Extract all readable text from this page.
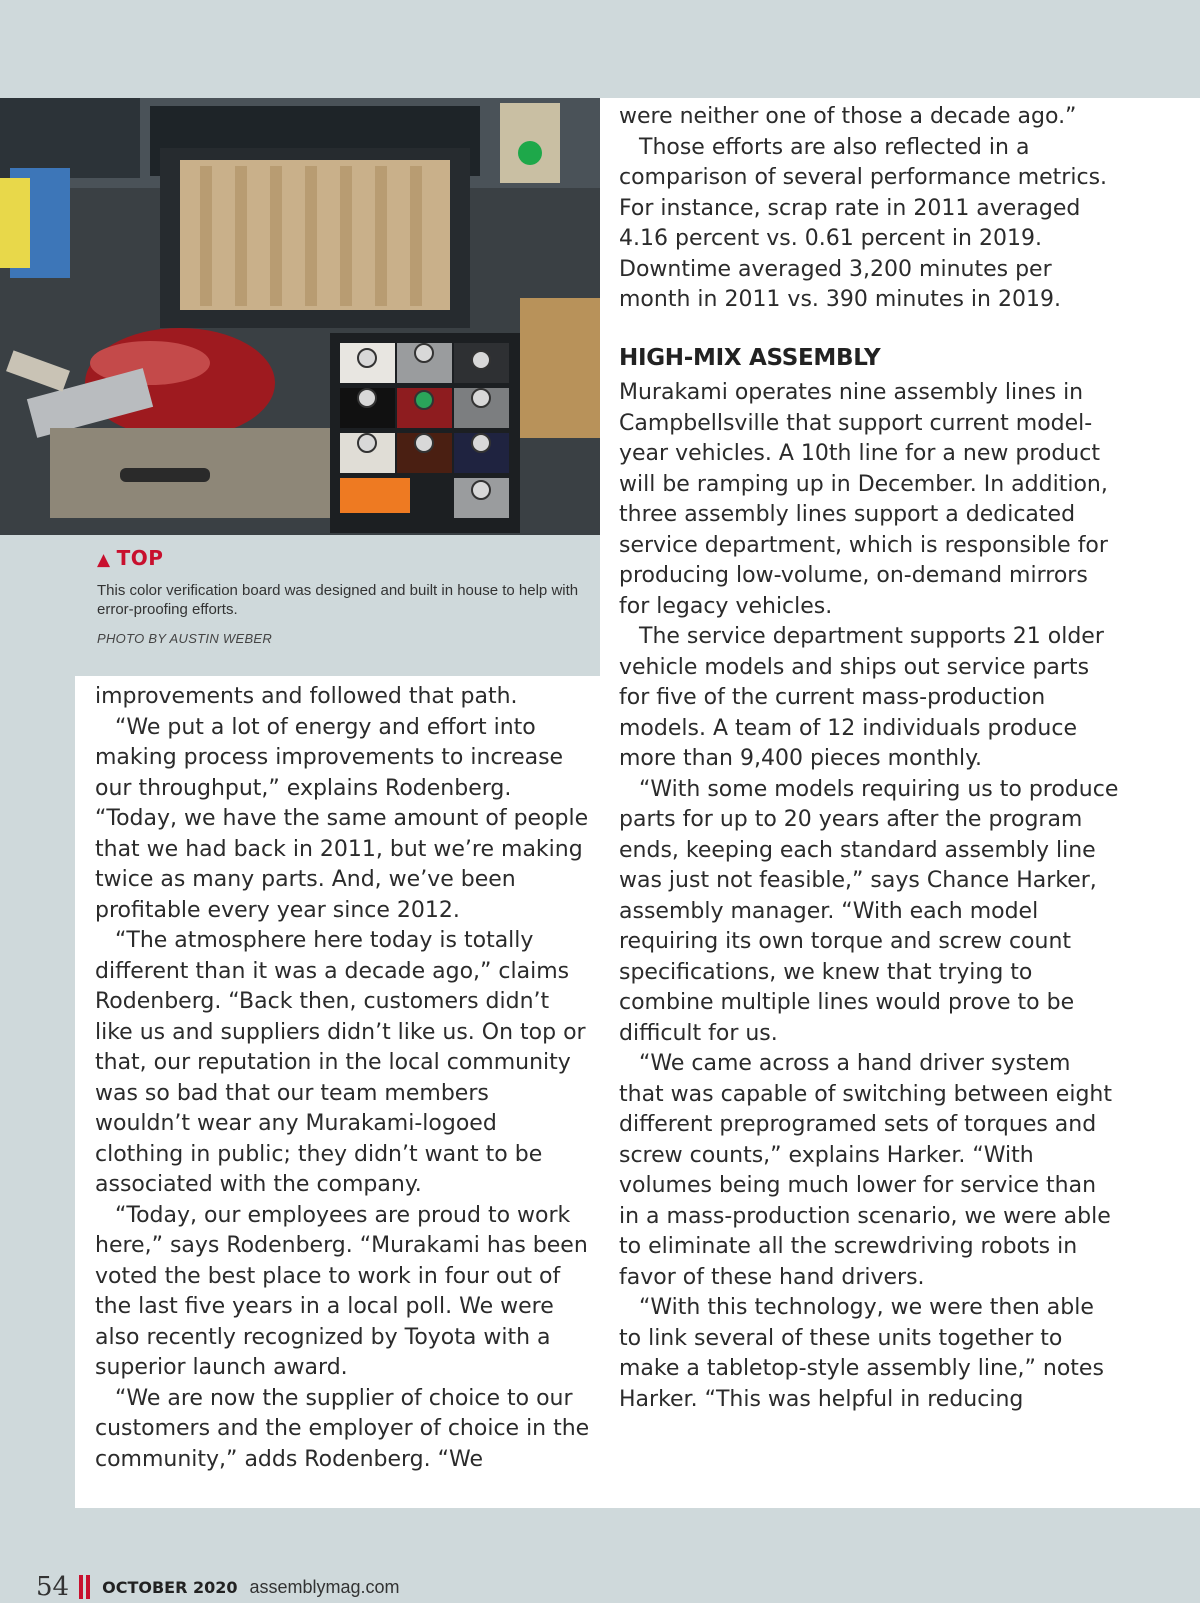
▲ TOP
This color verification board was designed and built in house to help with error-proofing efforts.
PHOTO BY AUSTIN WEBER

improvements and followed that path.

“We put a lot of energy and effort into making process improvements to increase our throughput,” explains Rodenberg. “Today, we have the same amount of people that we had back in 2011, but we’re making twice as many parts. And, we’ve been profitable every year since 2012.

“The atmosphere here today is totally different than it was a decade ago,” claims Rodenberg. “Back then, customers didn’t like us and suppliers didn’t like us. On top or that, our reputation in the local community was so bad that our team members wouldn’t wear any Murakami-logoed clothing in public; they didn’t want to be associated with the company.

“Today, our employees are proud to work here,” says Rodenberg. “Murakami has been voted the best place to work in four out of the last five years in a local poll. We were also recently recognized by Toyota with a superior launch award.

“We are now the supplier of choice to our customers and the employer of choice in the community,” adds Rodenberg. “We

were neither one of those a decade ago.”

Those efforts are also reflected in a comparison of several performance metrics. For instance, scrap rate in 2011 averaged 4.16 percent vs. 0.61 percent in 2019. Downtime averaged 3,200 minutes per month in 2011 vs. 390 minutes in 2019.

HIGH-MIX ASSEMBLY

Murakami operates nine assembly lines in Campbellsville that support current model-year vehicles. A 10th line for a new product will be ramping up in December. In addition, three assembly lines support a dedicated service department, which is responsible for producing low-volume, on-demand mirrors for legacy vehicles.

The service department supports 21 older vehicle models and ships out service parts for five of the current mass-production models. A team of 12 individuals produce more than 9,400 pieces monthly.

“With some models requiring us to produce parts for up to 20 years after the program ends, keeping each standard assembly line was just not feasible,” says Chance Harker, assembly manager. “With each model requiring its own torque and screw count specifications, we knew that trying to combine multiple lines would prove to be difficult for us.

“We came across a hand driver system that was capable of switching between eight different preprogramed sets of torques and screw counts,” explains Harker. “With volumes being much lower for service than in a mass-production scenario, we were able to eliminate all the screwdriving robots in favor of these hand drivers.

“With this technology, we were then able to link several of these units together to make a tabletop-style assembly line,” notes Harker. “This was helpful in reducing

54 OCTOBER 2020 assemblymag.com
